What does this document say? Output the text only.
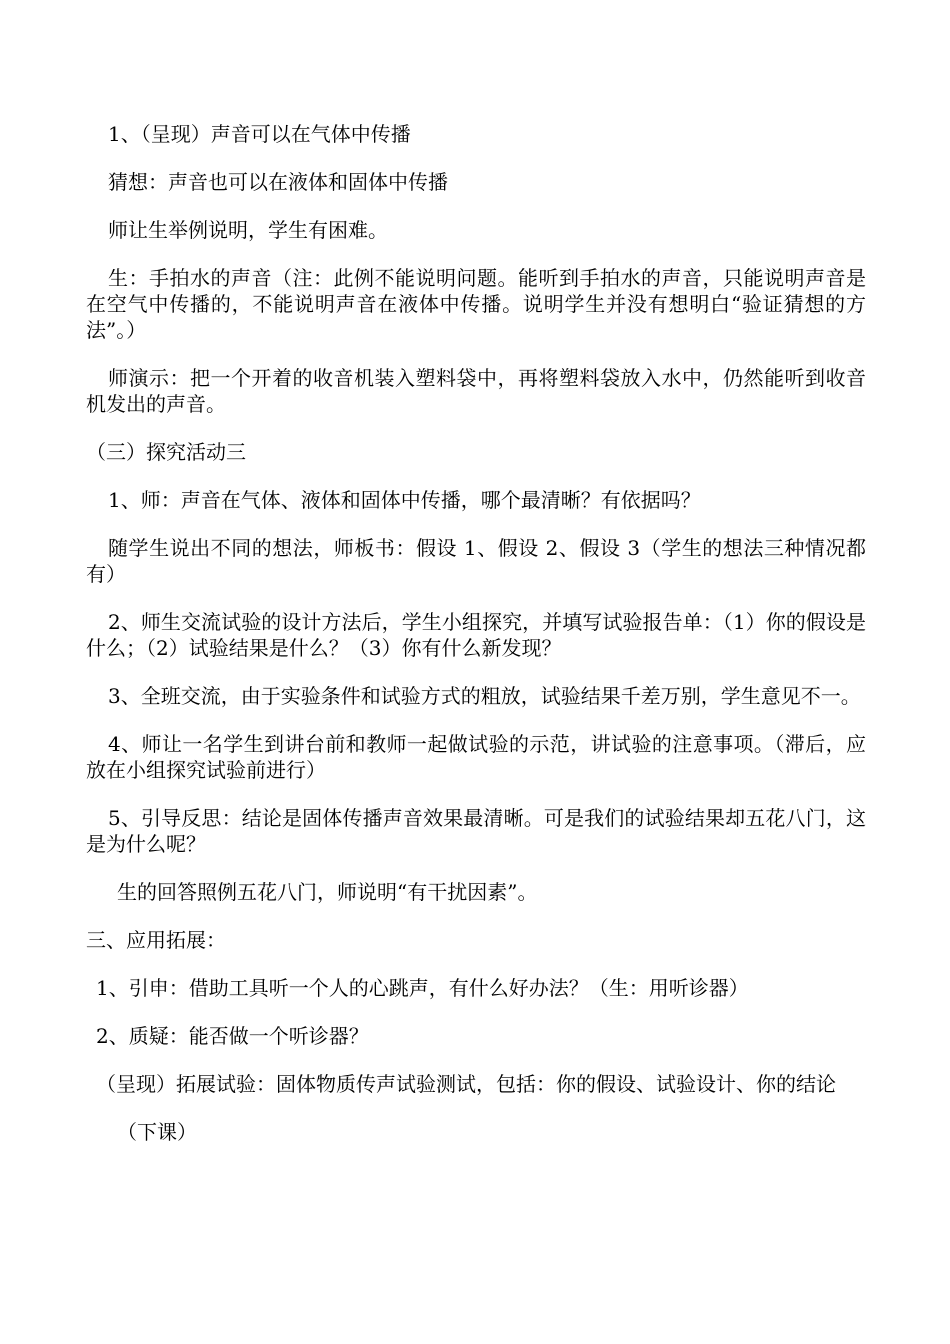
1、（呈现）声音可以在气体中传播

猜想：声音也可以在液体和固体中传播

师让生举例说明，学生有困难。

生：手拍水的声音（注：此例不能说明问题。能听到手拍水的声音，只能说明声音是在空气中传播的，不能说明声音在液体中传播。说明学生并没有想明白“验证猜想的方法”。）

师演示：把一个开着的收音机装入塑料袋中，再将塑料袋放入水中，仍然能听到收音机发出的声音。

（三）探究活动三

1、师：声音在气体、液体和固体中传播，哪个最清晰？有依据吗？

随学生说出不同的想法，师板书：假设 1、假设 2、假设 3（学生的想法三种情况都有）

2、师生交流试验的设计方法后，学生小组探究，并填写试验报告单：（1）你的假设是什么；（2）试验结果是什么？（3）你有什么新发现？

3、全班交流，由于实验条件和试验方式的粗放，试验结果千差万别，学生意见不一。

4、师让一名学生到讲台前和教师一起做试验的示范，讲试验的注意事项。（滞后，应放在小组探究试验前进行）

5、引导反思：结论是固体传播声音效果最清晰。可是我们的试验结果却五花八门，这是为什么呢？

生的回答照例五花八门，师说明“有干扰因素”。

三、应用拓展：

1、引申：借助工具听一个人的心跳声，有什么好办法？（生：用听诊器）

2、质疑：能否做一个听诊器？

（呈现）拓展试验：固体物质传声试验测试，包括：你的假设、试验设计、你的结论

（下课）
